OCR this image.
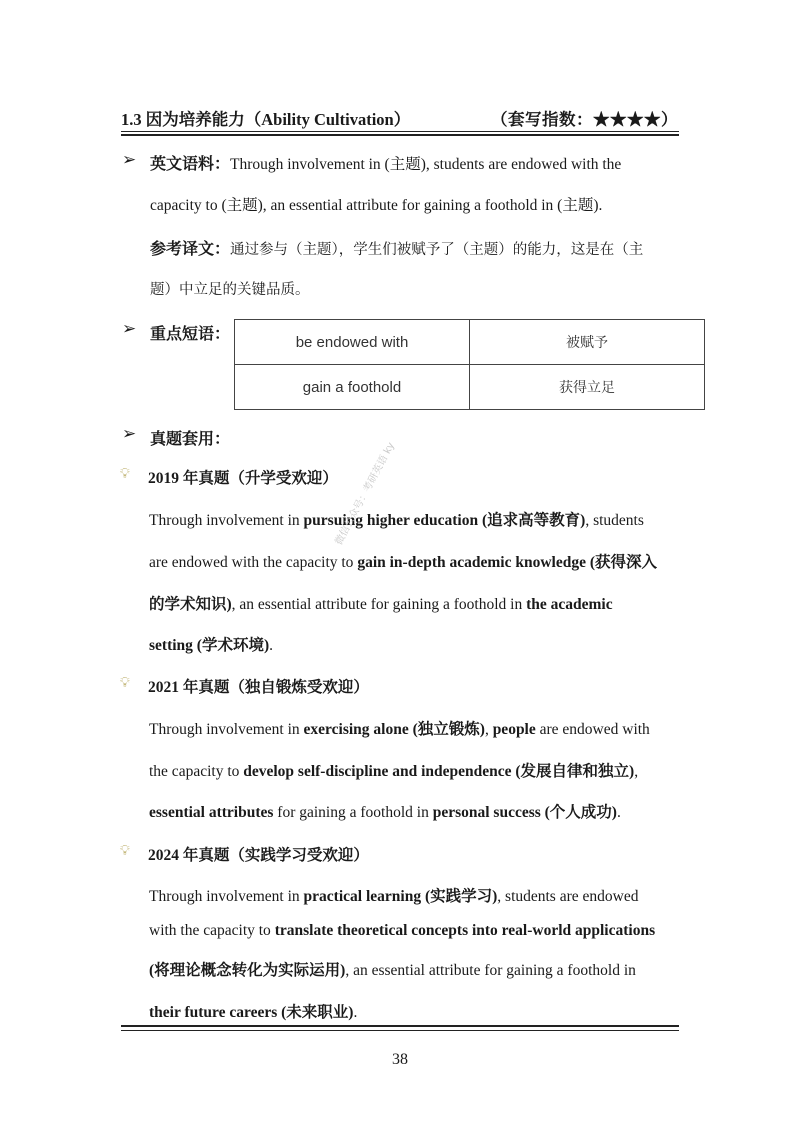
1.3 因为培养能力（Ability Cultivation）	（套写指数：★★★★）
➢ 英文语料：Through involvement in (主题), students are endowed with the
capacity to (主题), an essential attribute for gaining a foothold in (主题).
参考译文：通过参与（主题），学生们被赋予了（主题）的能力，这是在（主
题）中立足的关键品质。
➢ 重点短语：	be endowed with	被赋予
gain a foothold	获得立足
➢ 真题套用：
💡︎ 2019 年真题（升学受欢迎）
Through involvement in pursuing higher education (追求高等教育), students
are endowed with the capacity to gain in-depth academic knowledge (获得深入
的学术知识), an essential attribute for gaining a foothold in the academic
setting (学术环境).
💡︎ 2021 年真题（独自锻炼受欢迎）
Through involvement in exercising alone (独立锻炼), people are endowed with
the capacity to develop self-discipline and independence (发展自律和独立),
essential attributes for gaining a foothold in personal success (个人成功).
💡︎ 2024 年真题（实践学习受欢迎）
Through involvement in practical learning (实践学习), students are endowed
with the capacity to translate theoretical concepts into real-world applications
(将理论概念转化为实际运用), an essential attribute for gaining a foothold in
their future careers (未来职业).
微信公众号：考研英语 ky
38
